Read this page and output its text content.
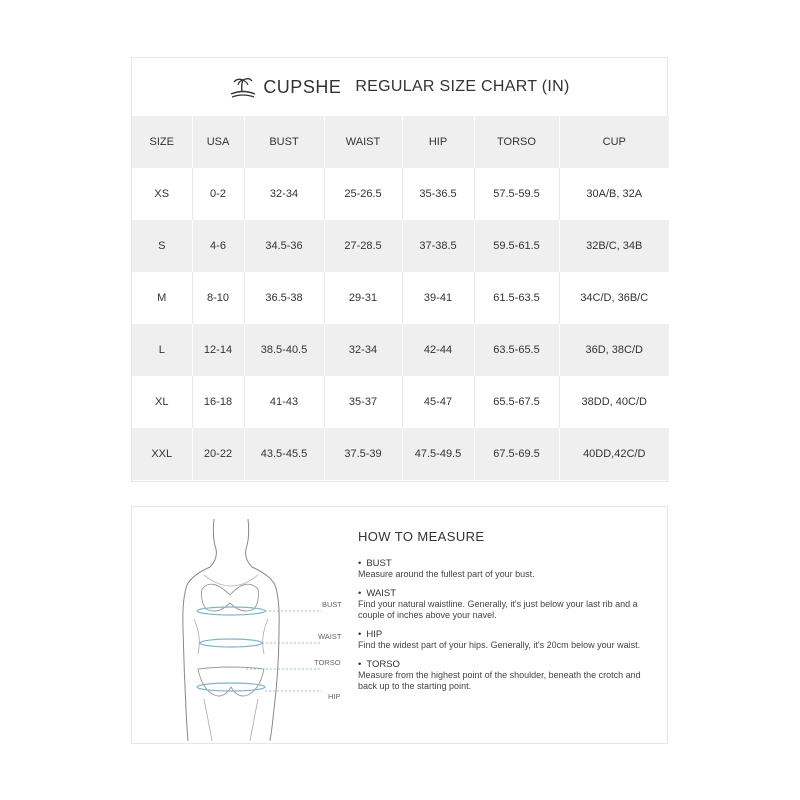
CUPSHE REGULAR SIZE CHART (IN)
SIZE	USA	BUST	WAIST	HIP	TORSO	CUP
XS	0-2	32-34	25-26.5	35-36.5	57.5-59.5	30A/B, 32A
S	4-6	34.5-36	27-28.5	37-38.5	59.5-61.5	32B/C, 34B
M	8-10	36.5-38	29-31	39-41	61.5-63.5	34C/D, 36B/C
L	12-14	38.5-40.5	32-34	42-44	63.5-65.5	36D, 38C/D
XL	16-18	41-43	35-37	45-47	65.5-67.5	38DD, 40C/D
XXL	20-22	43.5-45.5	37.5-39	47.5-49.5	67.5-69.5	40DD,42C/D
BUST
WAIST
TORSO
HIP
HOW TO MEASURE
• BUST
Measure around the fullest part of your bust.
• WAIST
Find your natural waistline. Generally, it's just below your last rib and a couple of inches above your navel.
• HIP
Find the widest part of your hips. Generally, it's 20cm below your waist.
• TORSO
Measure from the highest point of the shoulder, beneath the crotch and back up to the starting point.
